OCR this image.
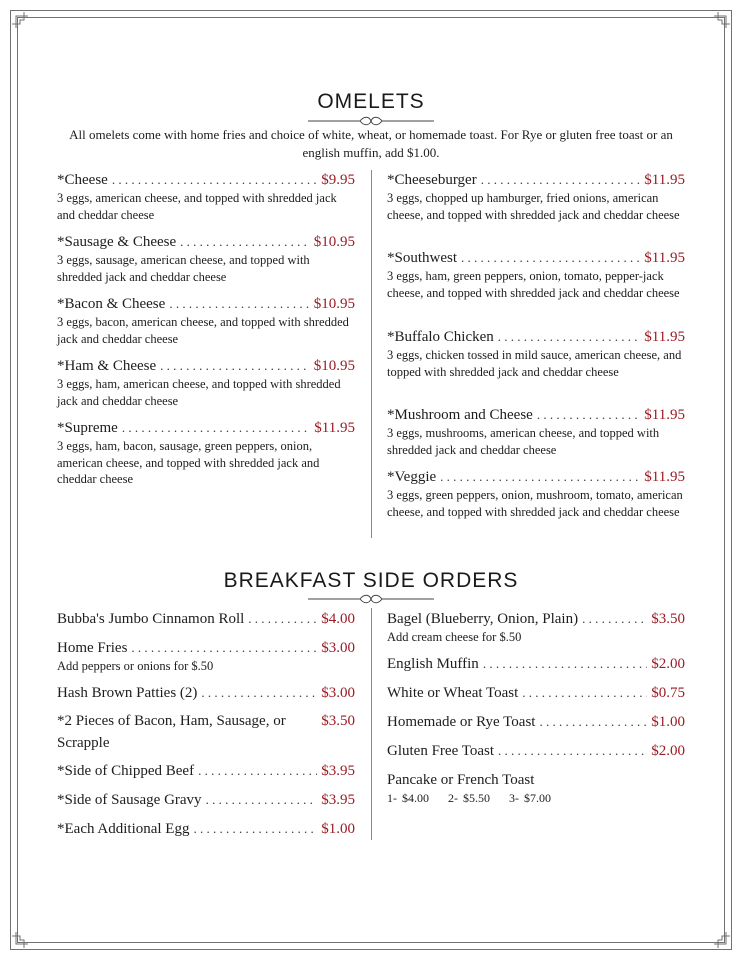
OMELETS
All omelets come with home fries and choice of white, wheat, or homemade toast. For Rye or gluten free toast or an english muffin, add $1.00.
*Cheese . . .	$9.95
3 eggs, american cheese, and topped with shredded jack and cheddar cheese
*Sausage & Cheese . . .	$10.95
3 eggs, sausage, american cheese, and topped with shredded jack and cheddar cheese
*Bacon & Cheese . . .	$10.95
3 eggs, bacon, american cheese, and topped with shredded jack and cheddar cheese
*Ham & Cheese . . .	$10.95
3 eggs, ham, american cheese, and topped with shredded jack and cheddar cheese
*Supreme . . .	$11.95
3 eggs, ham, bacon, sausage, green peppers, onion, american cheese, and topped with shredded jack and cheddar cheese
*Cheeseburger . . .	$11.95
3 eggs, chopped up hamburger, fried onions, american cheese, and topped with shredded jack and cheddar cheese
*Southwest . . .	$11.95
3 eggs, ham, green peppers, onion, tomato, pepper-jack cheese, and topped with shredded jack and cheddar cheese
*Buffalo Chicken . . .	$11.95
3 eggs, chicken tossed in mild sauce, american cheese, and topped with shredded jack and cheddar cheese
*Mushroom and Cheese . . .	$11.95
3 eggs, mushrooms, american cheese, and topped with shredded jack and cheddar cheese
*Veggie . . .	$11.95
3 eggs, green peppers, onion, mushroom, tomato, american cheese, and topped with shredded jack and cheddar cheese
BREAKFAST SIDE ORDERS
Bubba's Jumbo Cinnamon Roll . . .	$4.00
Home Fries . . .	$3.00
Add peppers or onions for $.50
Hash Brown Patties (2) . . .	$3.00
*2 Pieces of Bacon, Ham, Sausage, or Scrapple
$3.50
*Side of Chipped Beef . . .	$3.95
*Side of Sausage Gravy . . .	$3.95
*Each Additional Egg . . .	$1.00
Bagel (Blueberry, Onion, Plain) . . .	$3.50
Add cream cheese for $.50
English Muffin . . .	$2.00
White or Wheat Toast . . .	$0.75
Homemade or Rye Toast . . .	$1.00
Gluten Free Toast . . .	$2.00
Pancake or French Toast
1- $4.00 2- $5.50 3- $7.00
